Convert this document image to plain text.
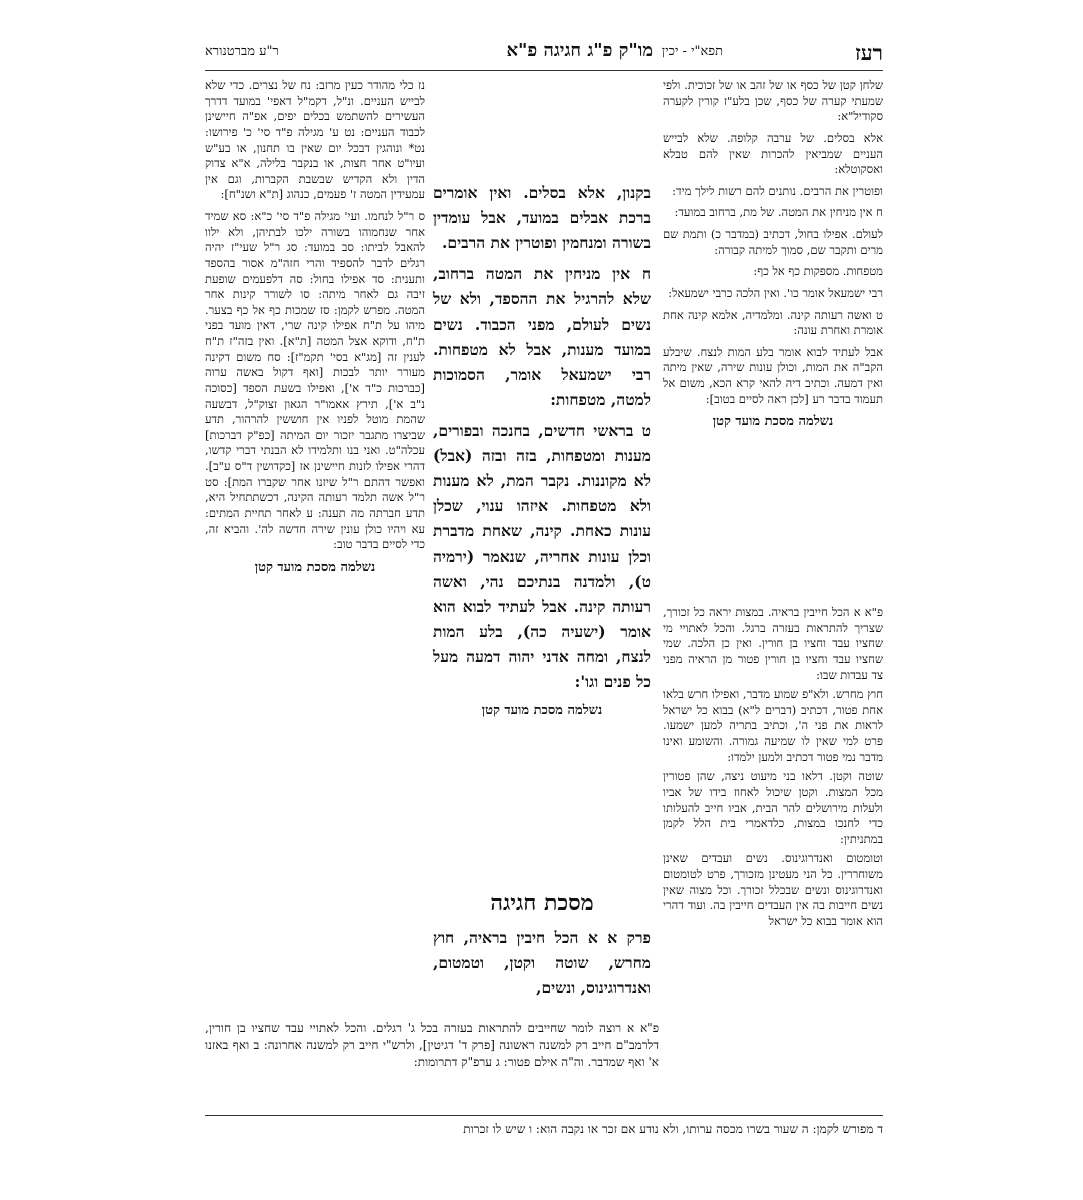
רעז
תפא"י - יכין
מו"ק פ"ג חגיגה פ"א
ר"ע מברטנורא

שלחן קטן של כסף או של זהב או של זכוכית. ולפי שמעתי קערה של כסף, שכן בלע"ז קורין לקערה סקודיל"א:

אלא בסלים. של ערבה קלופה. שלא לבייש העניים שמביאין להכרות שאין להם טבלא ואסקוטלא:

ופוטרין את הרבים. נותנים להם רשות לילך מיד:

ח אין מניחין את המטה. של מת, ברחוב במועד:

לעולם. אפילו בחול, דכתיב (במדבר כ) ותמת שם מרים ותקבר שם, סמוך למיתה קבורה:

מטפחות. מספקות כף אל כף:

רבי ישמעאל אומר כו'. ואין הלכה כרבי ישמעאל:

ט ואשה רעותה קינה. ומלמדיה, אלמא קינה אחת אומרת ואחרת עונה:

אבל לעתיד לבוא אומר בלע המות לנצח. שיבלע הקב"ה את המות, וכולן עונות שירה, שאין מיתה ואין דמעה. וכתיב דיה להאי קרא הכא, משום אל תעמוד בדבר רע [לכן ראה לסיים בטוב]:

נשלמה מסכת מועד קטן

בקנון, אלא בסלים. ואין אומרים ברכת אבלים במועד, אבל עומדין בשורה ומנחמין ופוטרין את הרבים.

ח אין מניחין את המטה ברחוב, שלא להרגיל את ההספד, ולא של נשים לעולם, מפני הכבוד. נשים במועד מענות, אבל לא מטפחות. רבי ישמעאל אומר, הסמוכות למטה, מטפחות:

ט בראשי חדשים, בחנכה ובפורים, מענות ומטפחות, בזה ובזה (אבל) לא מקוננות. נקבר המת, לא מענות ולא מטפחות. איזהו ענוי, שכלן עונות כאחת. קינה, שאחת מדברת וכלן עונות אחריה, שנאמר (ירמיה ט), ולמדנה בנתיכם נהי, ואשה רעותה קינה. אבל לעתיד לבוא הוא אומר (ישעיה כה), בלע המות לנצח, ומחה אדני יהוה דמעה מעל כל פנים וגו':

נשלמה מסכת מועד קטן

נז כלי מהודר כעין מרזב: נח של נצרים. כדי שלא לבייש העניים. ונ"ל, דקמ"ל דאפי' במועד דדרך העשירים להשתמש בכלים יפים, אפ"ה חיישינן לכבוד העניים: נט ע' מגילה פ"ד סי' כ' פירושו: נט* ונוהגין דבכל יום שאין בו תחנון, או בע"ש ועיו"ט אחר חצות, או בנקבר בלילה, א"א צדוק הדין ולא הקדיש שבשבת הקברות, וגם אין עמעידין המטה ז' פעמים, כנהוג [ת"א ושנ"ח]:

ס ר"ל לנחמו. ועי' מגילה פ"ד סי' כ"א: סא שמיד אחר שנחמוהו בשורה ילכו לבתיהן, ולא ילוו להאבל לביתו: סב במועד: סג ר"ל שעי"ז יהיה רגלים לדבר להספיד והרי חזה"מ אסור בהספד ותענית: סד אפילו בחול: סה דלפעמים שופעת זיבה גם לאחר מיתה: סו לשורר קינות אחר המטה. מפרש לקמן: סז שמכות כף אל כף בצער. מיהו על ת"ח אפילו קינה שרי, דאין מועד בפני ת"ח, ודוקא אצל המטה [ת"א]. ואין בזה"ז ת"ח לענין זה [מג"א בסי' תקמ"ז]: סח משום דקינה מעורר יותר לבכות [ואף דקול באשה ערוה [כברכות כ"ד א'], ואפילו בשעת הספד [כסוכה נ"ב א'], תירץ אאמו"ר הגאון זצוק"ל, דבשעה שהמת מוטל לפניו אין חוששין להרהור, תדע שביצרו מתגבר יזכור יום המיתה [כפ"ק דברכות] עכלה"ט. ואני בנו ותלמידו לא הבנתי דברי קדשו, דהרי אפילו לזנות חיישינן אז [כקדושין ד"ס ע"ב]. ואפשר דהתם ר"ל שיזנו אחר שקברו המת]: סט ר"ל אשה תלמד רעותה הקינה, דכשתתחיל היא, תדע חברתה מה תענה: ע לאחר תחיית המתים: עא ויהיו כולן עונין שירה חדשה לה'. והביא זה, כדי לסיים בדבר טוב:

נשלמה מסכת מועד קטן
מסכת חגיגה
פרק א א הכל חיבין בראיה, חוץ מחרש, שוטה וקטן, וטמטום, ואנדרוגינוס, ונשים,

פ"א א הכל חייבין בראיה. במצות יראה כל זכורך, שצריך להתראות בעזרה ברגל. והכל לאתויי מי שחציו עבד וחציו בן חורין. ואין כן הלכה. שמי שחציו עבד וחציו בן חורין פטור מן הראיה מפני צד עבדות שבו:

חוץ מחרש. ולא"פ שמוע מדבר, ואפילו חרש בלאו אחת פטור, דכתיב (דברים ל"א) בבוא כל ישראל לראות את פני ה', וכתיב בתריה למען ישמעו. פרט למי שאין לו שמיעה גמורה. והשומע ואינו מדבר נמי פטור דכתיב ולמען ילמדו:

שוטה וקטן. דלאו בני מיעוט ניצה, שהן פטורין מכל המצות. וקטן שיכול לאחוז בידו של אביו ולעלות מירושלים להר הבית, אביו חייב להעלותו כדי לחנכו במצות, כלדאמרי בית הלל לקמן במתניתין:

וטומטום ואנדרוגינוס. נשים ועבדים שאינן משוחררין. כל הני מעטינן מזכורך, פרט לטומטום ואנדרוגינוס ונשים שבכלל זכורך. וכל מצוה שאין נשים חייבות בה אין העבדים חייבין בה. ועוד דהרי הוא אומר בבוא כל ישראל

פ"א א רוצה לומר שחייבים להתראות בעזרה בכל ג' רגלים. והכל לאתויי עבד שחציו בן חורין, דלרמב"ם חייב רק למשנה ראשונה [פרק ד' דגיטין], ולרש"י חייב רק למשנה אחרונה: ב ואף באזנו א' ואף שמדבר. וה"ה אילם פטור: ג ערפ"ק דתרומות:
ד מפורש לקמן: ה שעור בשרו מכסה ערותו, ולא נודע אם זכר או נקבה הוא: ו שיש לו זכרות
